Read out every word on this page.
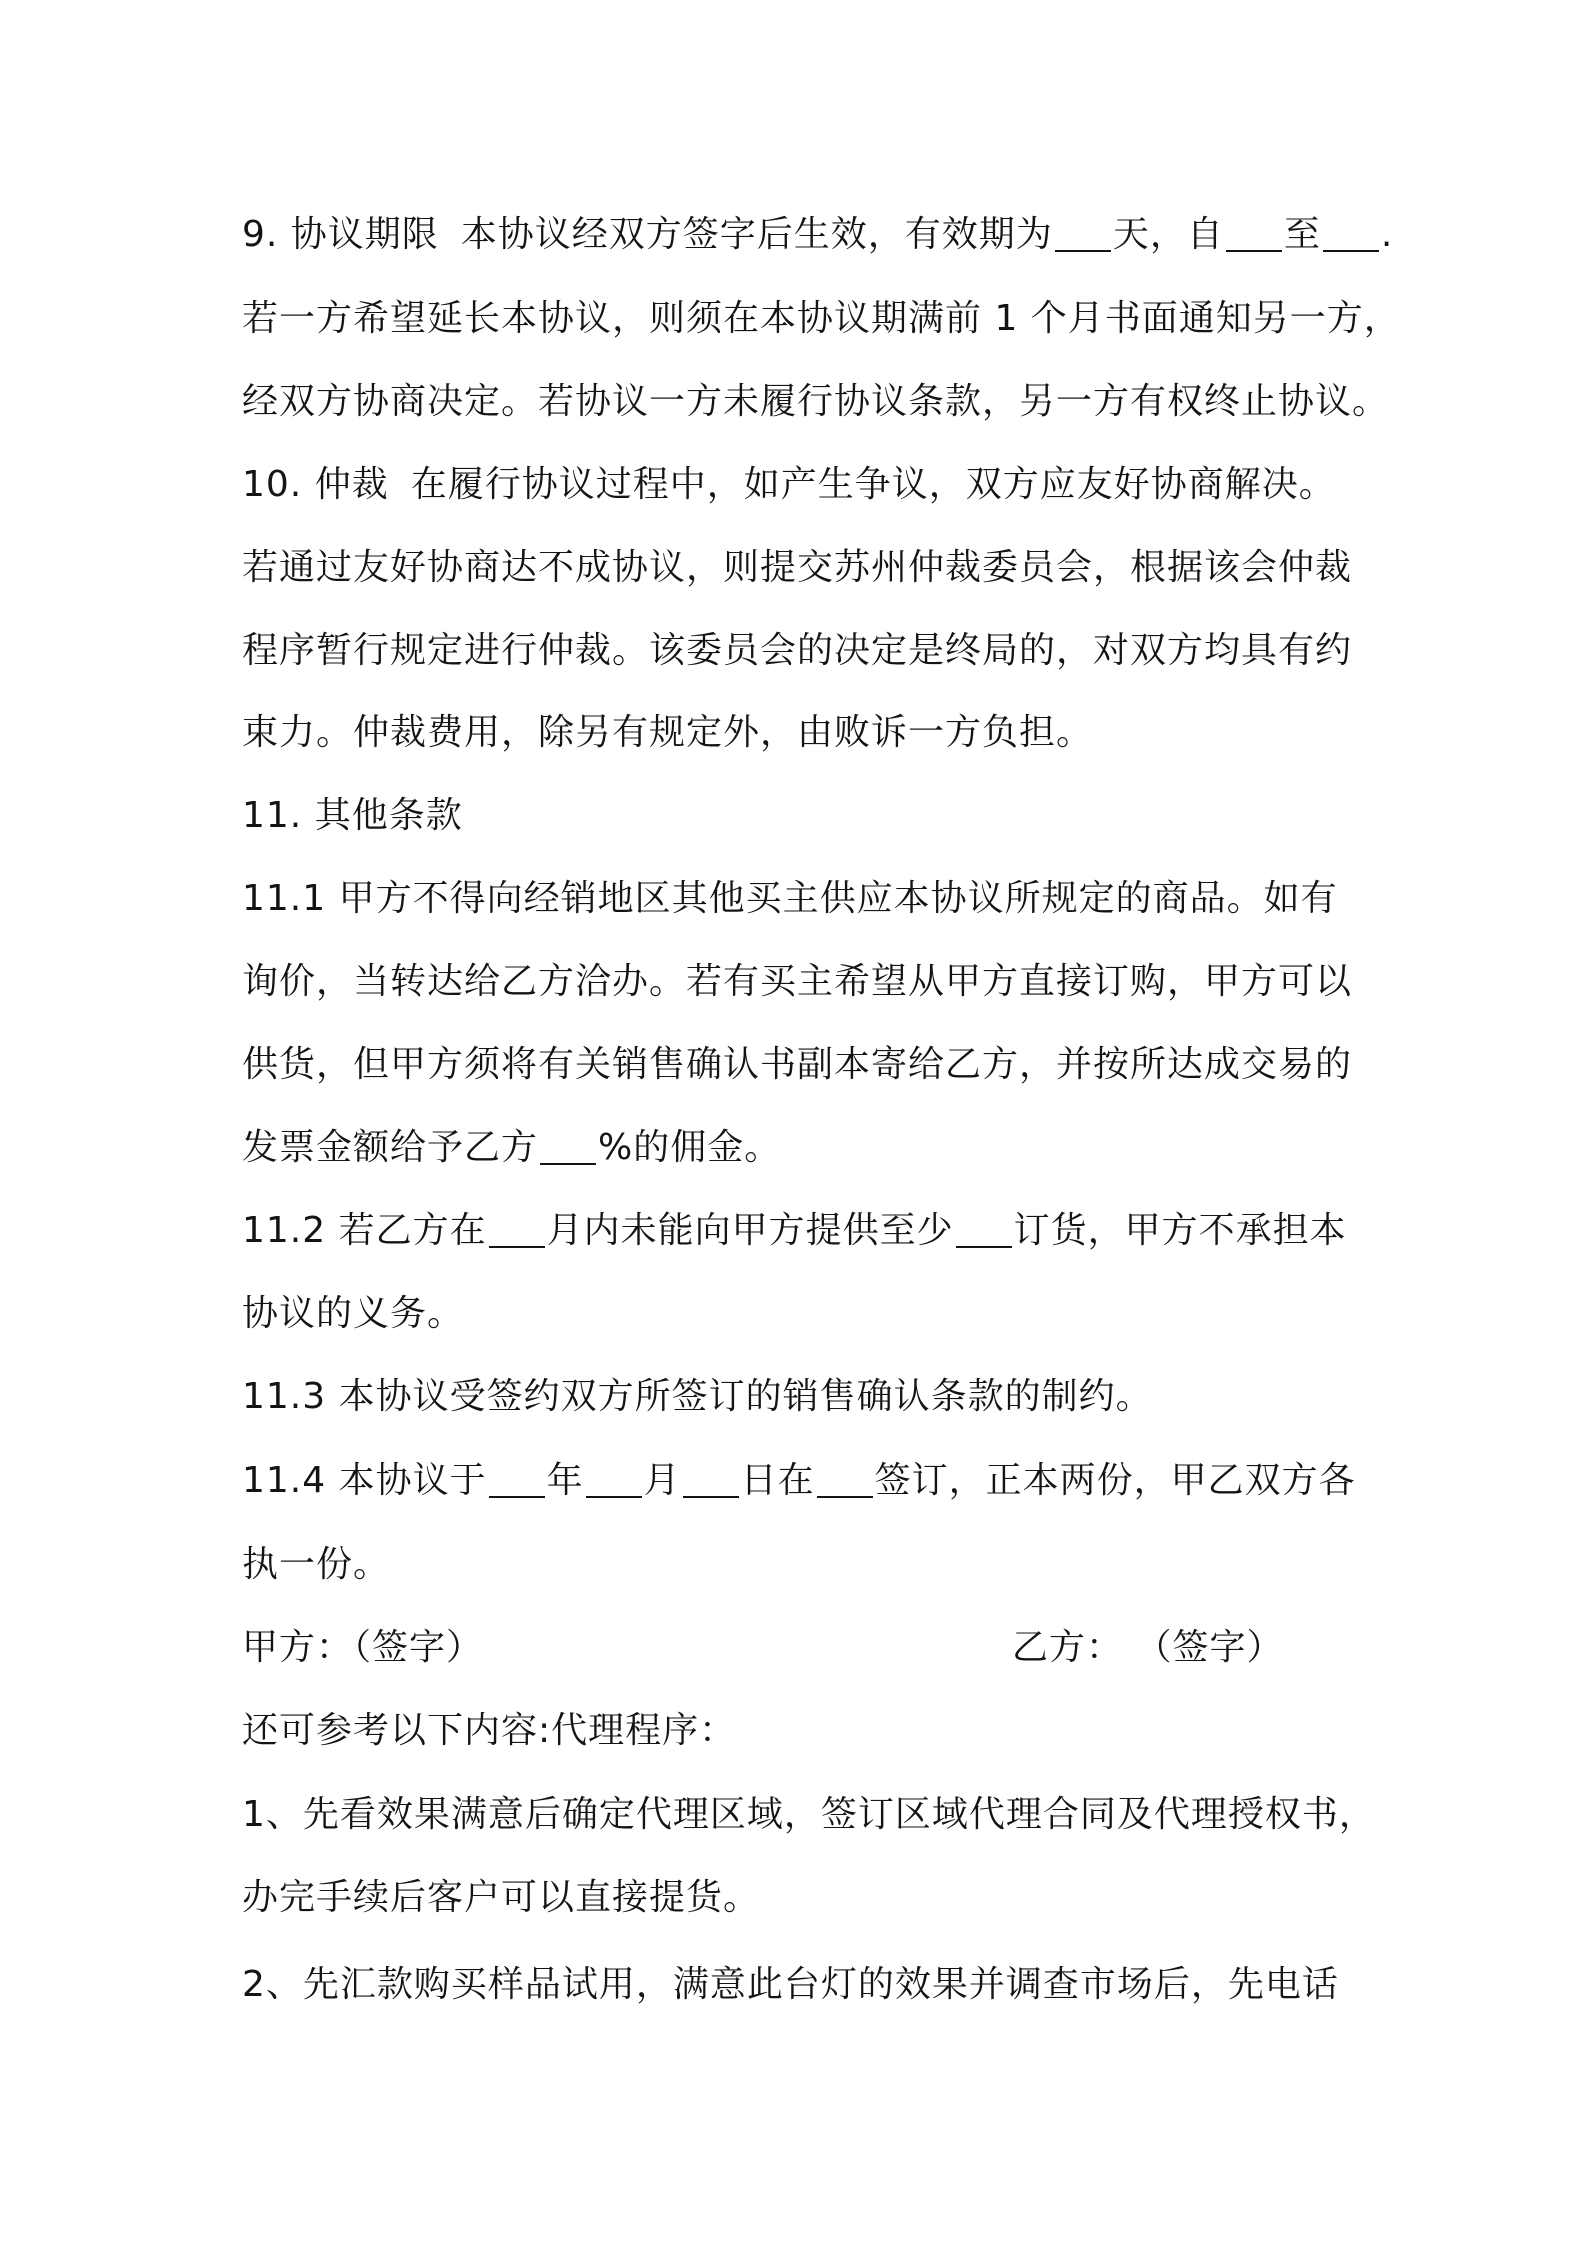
9. 协议期限 本协议经双方签字后生效，有效期为 天，自 至 .
若一方希望延长本协议，则须在本协议期满前 1 个月书面通知另一方，
经双方协商决定。若协议一方未履行协议条款，另一方有权终止协议。
10. 仲裁 在履行协议过程中，如产生争议，双方应友好协商解决。
若通过友好协商达不成协议，则提交苏州仲裁委员会，根据该会仲裁
程序暂行规定进行仲裁。该委员会的决定是终局的，对双方均具有约
束力。仲裁费用，除另有规定外，由败诉一方负担。
11. 其他条款
11.1 甲方不得向经销地区其他买主供应本协议所规定的商品。如有
询价，当转达给乙方洽办。若有买主希望从甲方直接订购，甲方可以
供货，但甲方须将有关销售确认书副本寄给乙方，并按所达成交易的
发票金额给予乙方 %的佣金。
11.2 若乙方在 月内未能向甲方提供至少 订货，甲方不承担本
协议的义务。
11.3 本协议受签约双方所签订的销售确认条款的制约。
11.4 本协议于 年 月 日在 签订，正本两份，甲乙双方各
执一份。
甲方：（签字）	乙方： （签字）
还可参考以下内容:代理程序：
1、先看效果满意后确定代理区域，签订区域代理合同及代理授权书，
办完手续后客户可以直接提货。
2、先汇款购买样品试用，满意此台灯的效果并调查市场后，先电话
